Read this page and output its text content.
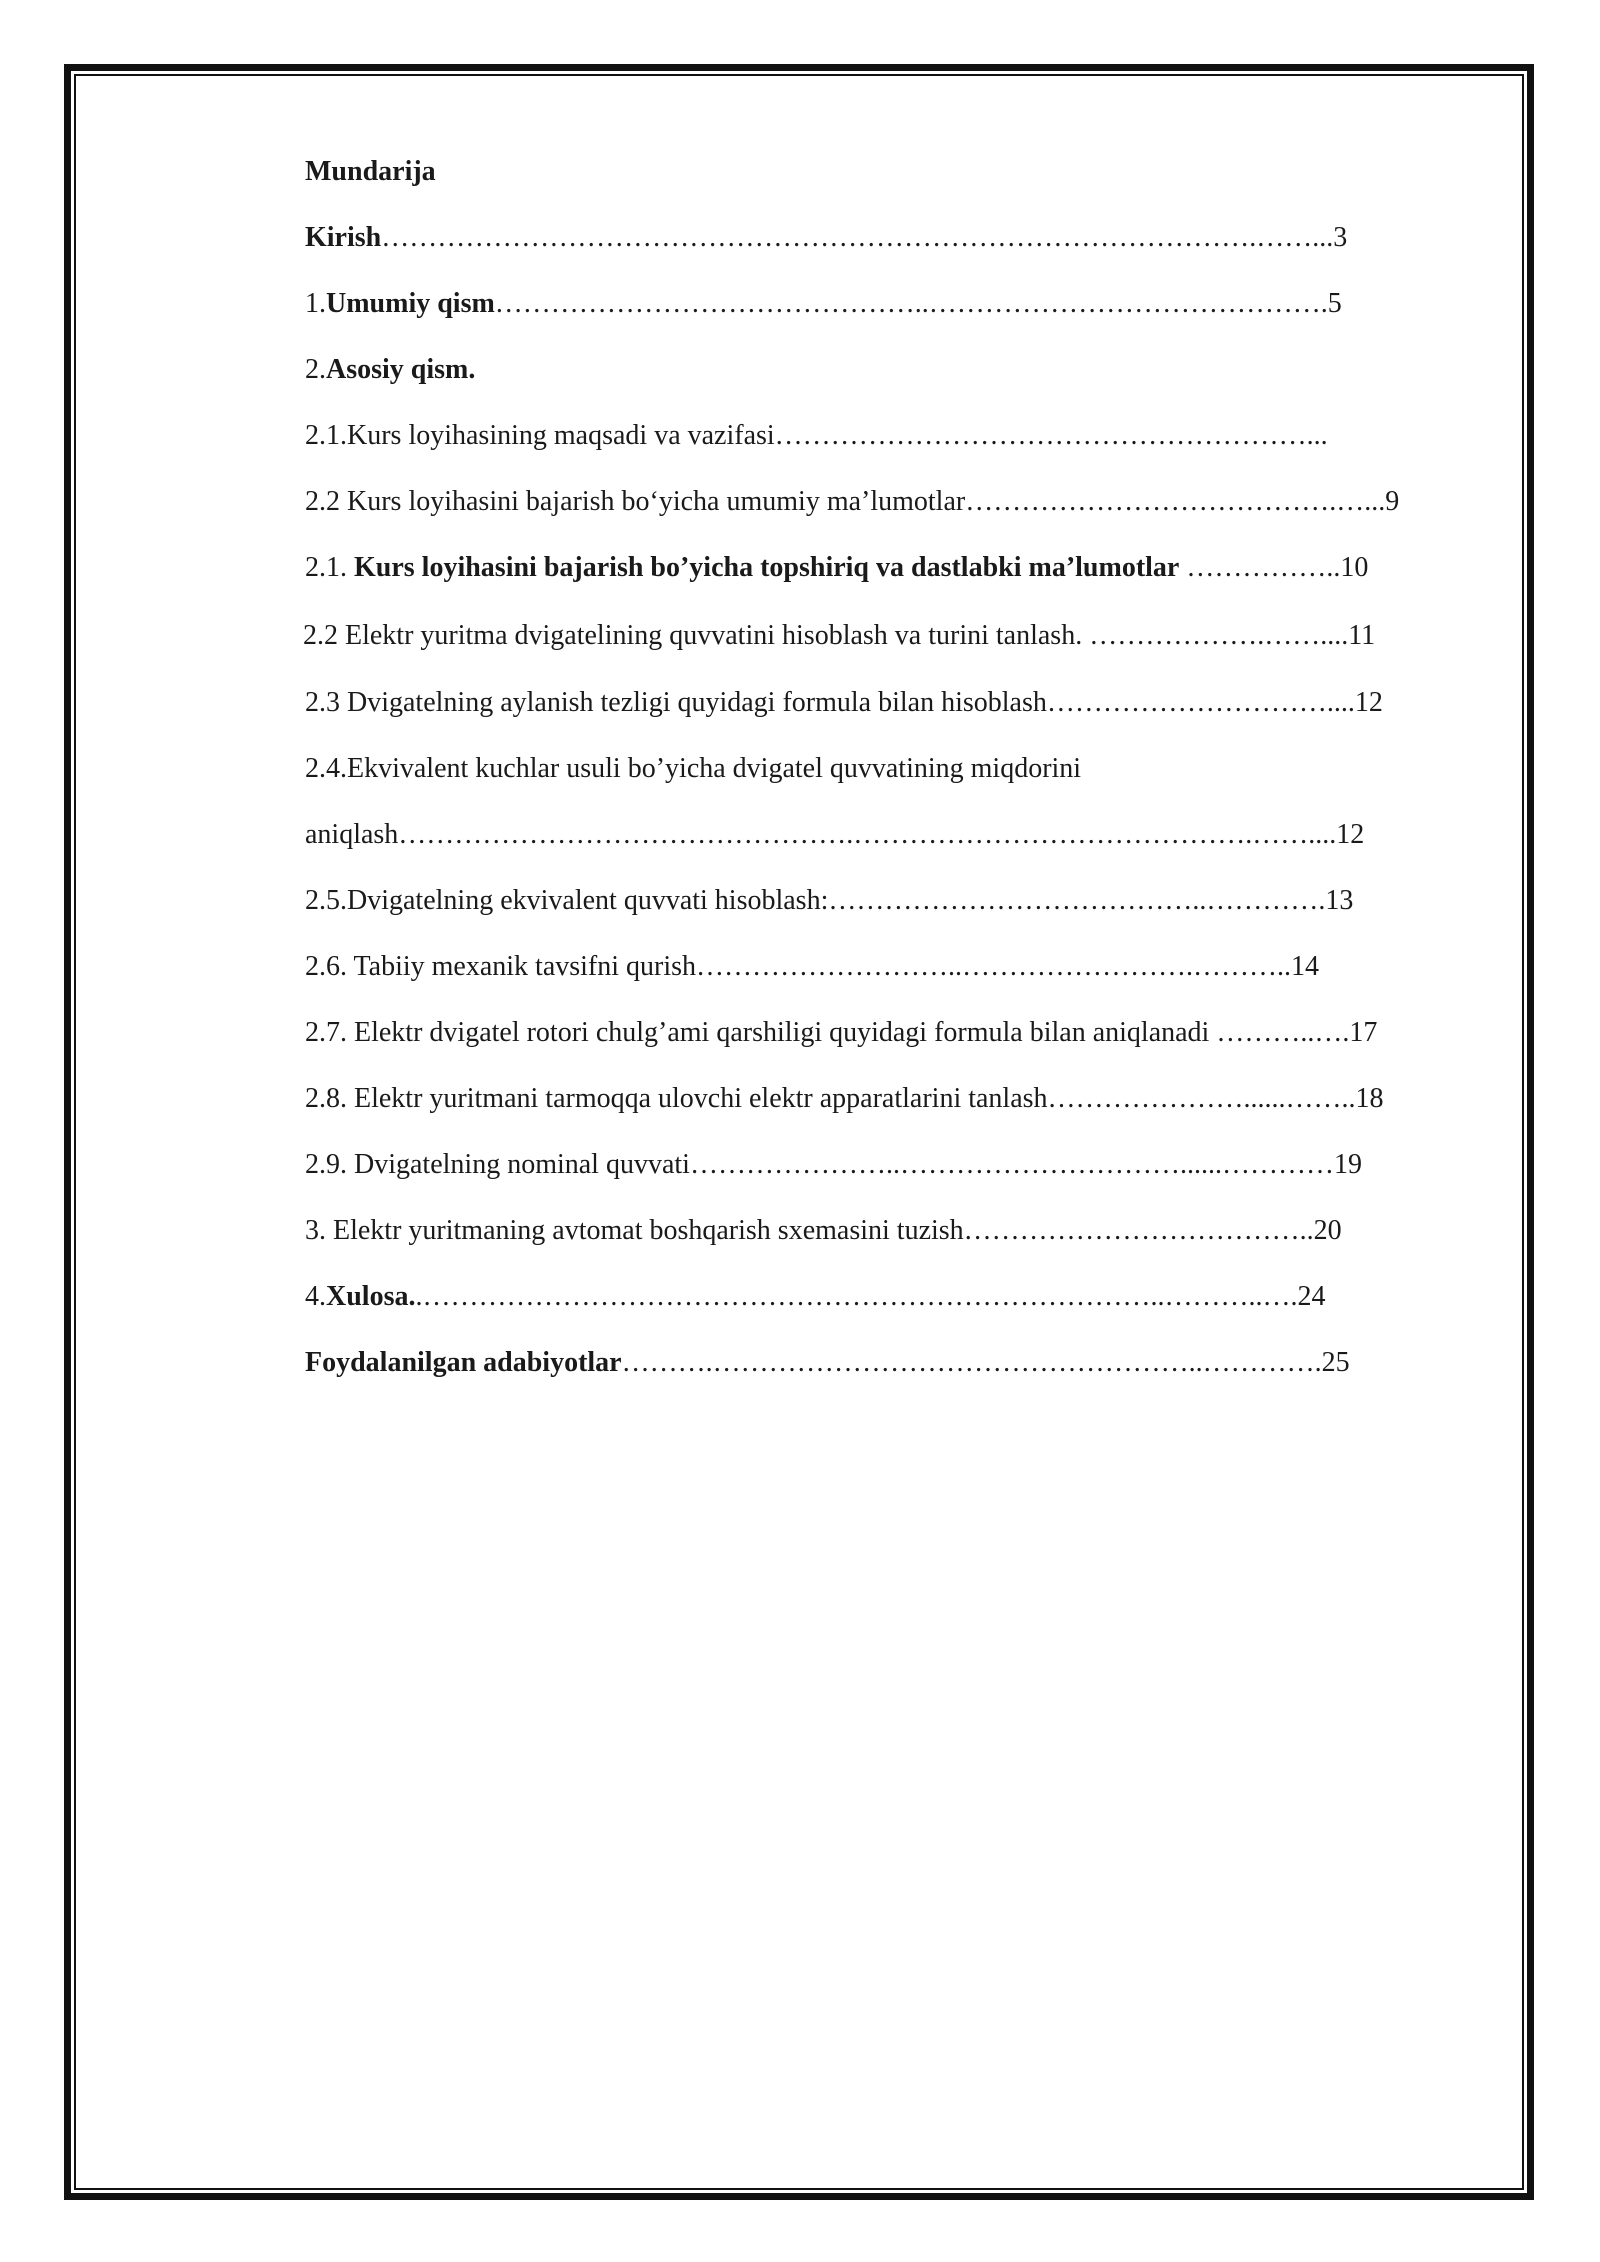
Mundarija
Kirish………………………………………………………………………………….……...3
1.Umumiy qism………………………………………..…………………………………….5
2.Asosiy qism.
2.1.Kurs loyihasining maqsadi va vazifasi…………………………………………………...
2.2 Kurs loyihasini bajarish bo‘yicha umumiy ma’lumotlar………………………………….…...9
2.1. Kurs loyihasini bajarish bo’yicha topshiriq va dastlabki ma’lumotlar ……………..10
2.2 Elektr yuritma dvigatelining quvvatini hisoblash va turini tanlash. ……………….……....11
2.3 Dvigatelning aylanish tezligi quyidagi formula bilan hisoblash…………………………....12
2.4.Ekvivalent kuchlar usuli bo’yicha dvigatel quvvatining miqdorini
aniqlash………………………………………….…………………………………….……....12
2.5.Dvigatelning ekvivalent quvvati hisoblash:…………………………………..………….13
2.6. Tabiiy mexanik tavsifni qurish………………………..…………………….………..14
2.7. Elektr dvigatel rotori chulg’ami qarshiligi quyidagi formula bilan aniqlanadi ………..….17
2.8. Elektr yuritmani tarmoqqa ulovchi elektr apparatlarini tanlash…………………......……..18
2.9. Dvigatelning nominal quvvati…………………..…………………………......…………19
3. Elektr yuritmaning avtomat boshqarish sxemasini tuzish………………………………..20
4.Xulosa..……………………………………………………………………..………..….24
Foydalanilgan adabiyotlar……….……………………………………………..………….25
